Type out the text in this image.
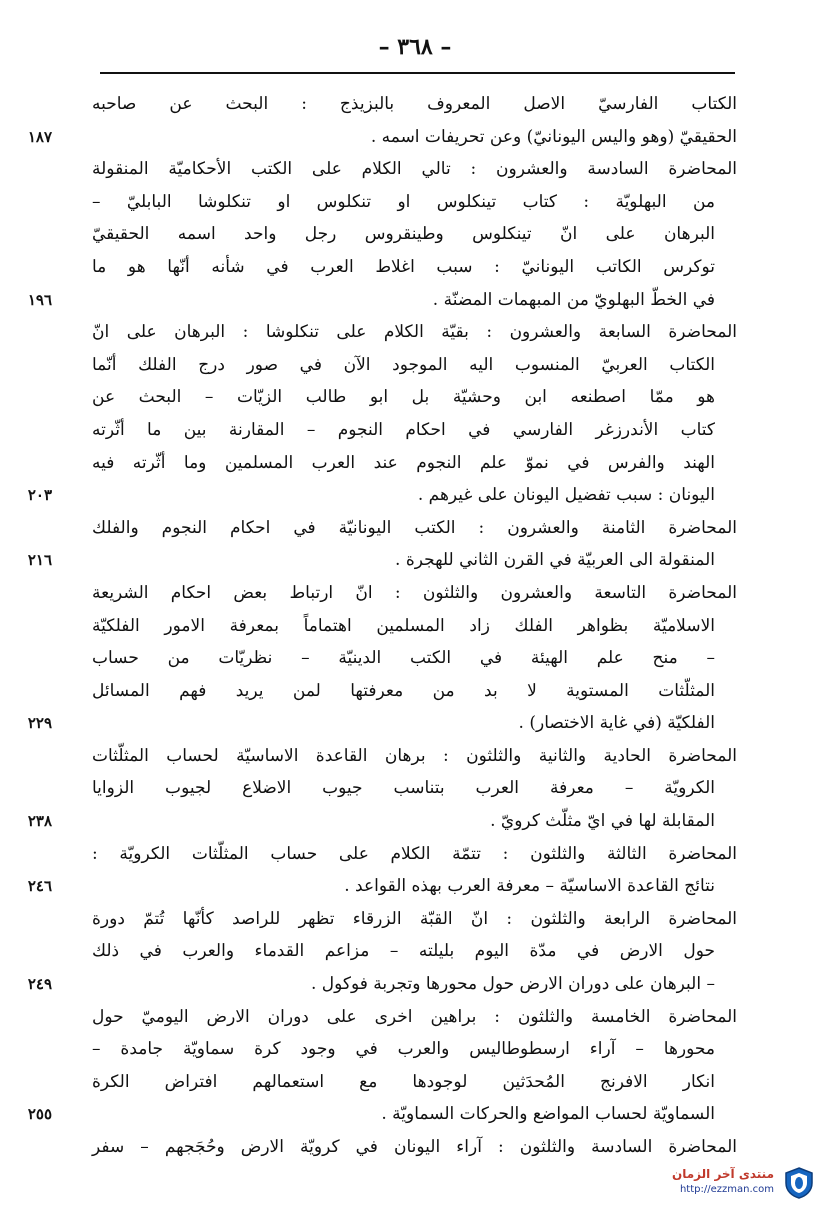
– ٣٦٨ –
الكتاب الفارسيّ الاصل المعروف بالبزيذج : البحث عن صاحبه
الحقيقيّ (وهو واليس اليونانيّ) وعن تحريفات اسمه .
١٨٧
المحاضرة السادسة والعشرون : تالي الكلام على الكتب الأحكاميّة المنقولة
من البهلويّة : كتاب تينكلوس او تنكلوس او تنكلوشا البابليّ –
البرهان على انّ تينكلوس وطينقروس رجل واحد اسمه الحقيقيّ
توكرس الكاتب اليونانيّ : سبب اغلاط العرب في شأنه أنّها هو ما
في الخطّ البهلويّ من المبهمات المضنّة .
١٩٦
المحاضرة السابعة والعشرون : بقيّة الكلام على تنكلوشا : البرهان على انّ
الكتاب العربيّ المنسوب اليه الموجود الآن في صور درج الفلك أنّما
هو ممّا اصطنعه ابن وحشيّة بل ابو طالب الزيّات – البحث عن
كتاب الأندرزغر الفارسي في احكام النجوم – المقارنة بين ما أثّرته
الهند والفرس في نموّ علم النجوم عند العرب المسلمين وما أثّرته فيه
اليونان : سبب تفضيل اليونان على غيرهم .
٢٠٣
المحاضرة الثامنة والعشرون : الكتب اليونانيّة في احكام النجوم والفلك
المنقولة الى العربيّة في القرن الثاني للهجرة .
٢١٦
المحاضرة التاسعة والعشرون والثلثون : انّ ارتباط بعض احكام الشريعة
الاسلاميّة بظواهر الفلك زاد المسلمين اهتماماً بمعرفة الامور الفلكيّة
– منح علم الهيئة في الكتب الدينيّة – نظريّات من حساب
المثلّثات المستوية لا بد من معرفتها لمن يريد فهم المسائل
الفلكيّة (في غاية الاختصار) .
٢٢٩
المحاضرة الحادية والثانية والثلثون : برهان القاعدة الاساسيّة لحساب المثلّثات
الكرويّة – معرفة العرب بتناسب جيوب الاضلاع لجيوب الزوايا
المقابلة لها في ايّ مثلّث كرويّ .
٢٣٨
المحاضرة الثالثة والثلثون : تتمّة الكلام على حساب المثلّثات الكرويّة :
نتائج القاعدة الاساسيّة – معرفة العرب بهذه القواعد .
٢٤٦
المحاضرة الرابعة والثلثون : انّ القبّة الزرقاء تظهر للراصد كأنّها تُتمّ دورة
حول الارض في مدّة اليوم بليلته – مزاعم القدماء والعرب في ذلك
– البرهان على دوران الارض حول محورها وتجربة فوكول .
٢٤٩
المحاضرة الخامسة والثلثون : براهين اخرى على دوران الارض اليوميّ حول
محورها – آراء ارسطوطاليس والعرب في وجود كرة سماويّة جامدة –
انكار الافرنج المُحدَثين لوجودها مع استعمالهم افتراض الكرة
السماويّة لحساب المواضع والحركات السماويّة .
٢٥٥
المحاضرة السادسة والثلثون : آراء اليونان في كرويّة الارض وحُجَجهم – سفر
منتدى آخر الزمان
http://ezzman.com
